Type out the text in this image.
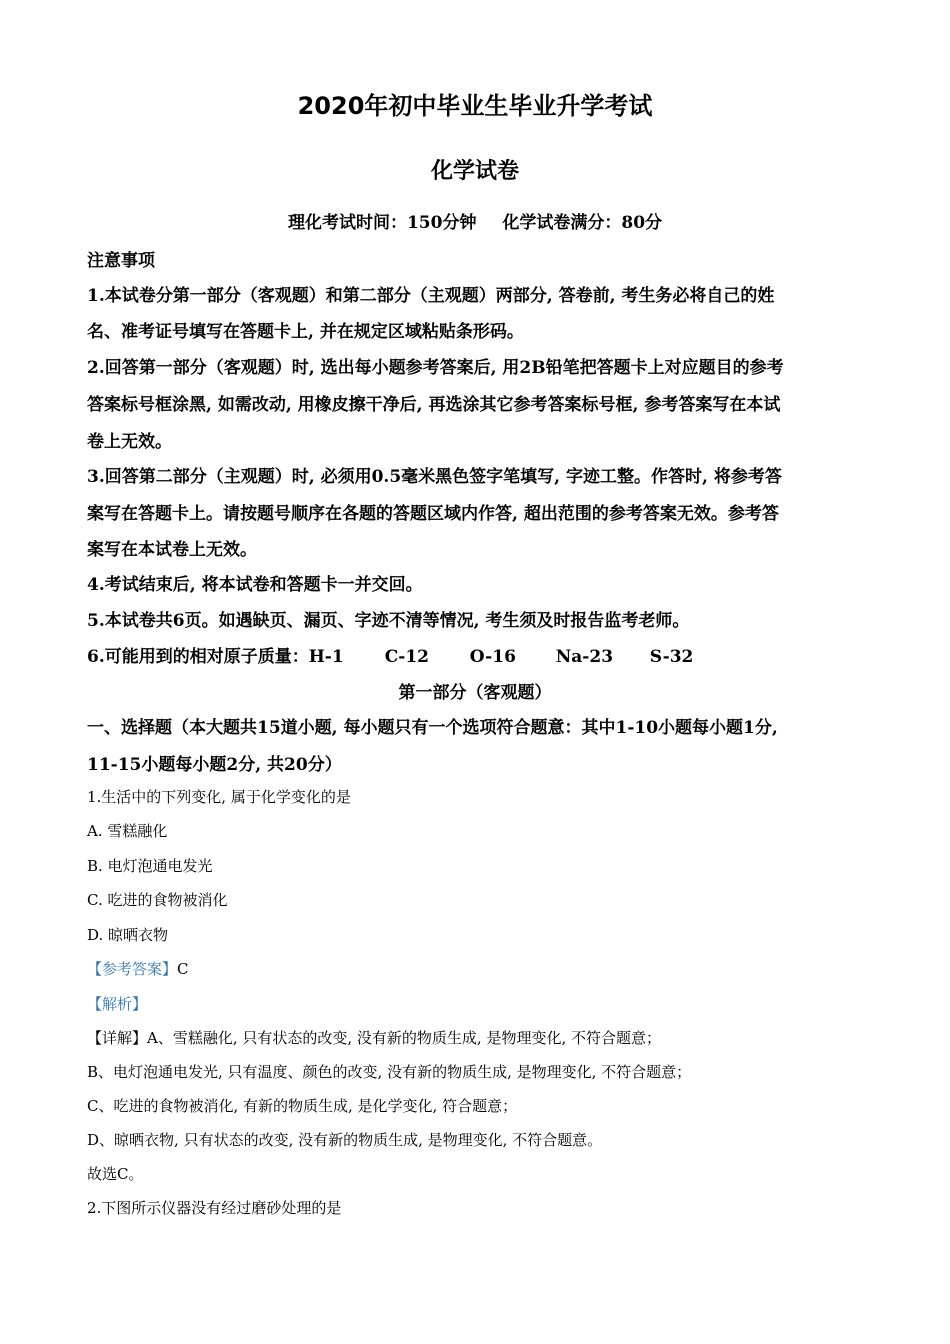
2020年初中毕业生毕业升学考试
化学试卷
理化考试时间：150分钟 化学试卷满分：80分
注意事项
1.本试卷分第一部分（客观题）和第二部分（主观题）两部分, 答卷前, 考生务必将自己的姓
名、准考证号填写在答题卡上, 并在规定区域粘贴条形码。
2.回答第一部分（客观题）时, 选出每小题参考答案后, 用2B铅笔把答题卡上对应题目的参考
答案标号框涂黑, 如需改动, 用橡皮擦干净后, 再选涂其它参考答案标号框, 参考答案写在本试
卷上无效。
3.回答第二部分（主观题）时, 必须用0.5毫米黑色签字笔填写, 字迹工整。作答时, 将参考答
案写在答题卡上。请按题号顺序在各题的答题区域内作答, 超出范围的参考答案无效。参考答
案写在本试卷上无效。
4.考试结束后, 将本试卷和答题卡一并交回。
5.本试卷共6页。如遇缺页、漏页、字迹不清等情况, 考生须及时报告监考老师。
6.可能用到的相对原子质量：H-1 C-12 O-16 Na-23 S-32
第一部分（客观题）
一、选择题（本大题共15道小题, 每小题只有一个选项符合题意：其中1-10小题每小题1分,
11-15小题每小题2分, 共20分）
1.生活中的下列变化, 属于化学变化的是
A. 雪糕融化
B. 电灯泡通电发光
C. 吃进的食物被消化
D. 晾晒衣物
【参考答案】C
【解析】
【详解】A、雪糕融化, 只有状态的改变, 没有新的物质生成, 是物理变化, 不符合题意；
B、电灯泡通电发光, 只有温度、颜色的改变, 没有新的物质生成, 是物理变化, 不符合题意；
C、吃进的食物被消化, 有新的物质生成, 是化学变化, 符合题意；
D、晾晒衣物, 只有状态的改变, 没有新的物质生成, 是物理变化, 不符合题意。
故选C。
2.下图所示仪器没有经过磨砂处理的是
